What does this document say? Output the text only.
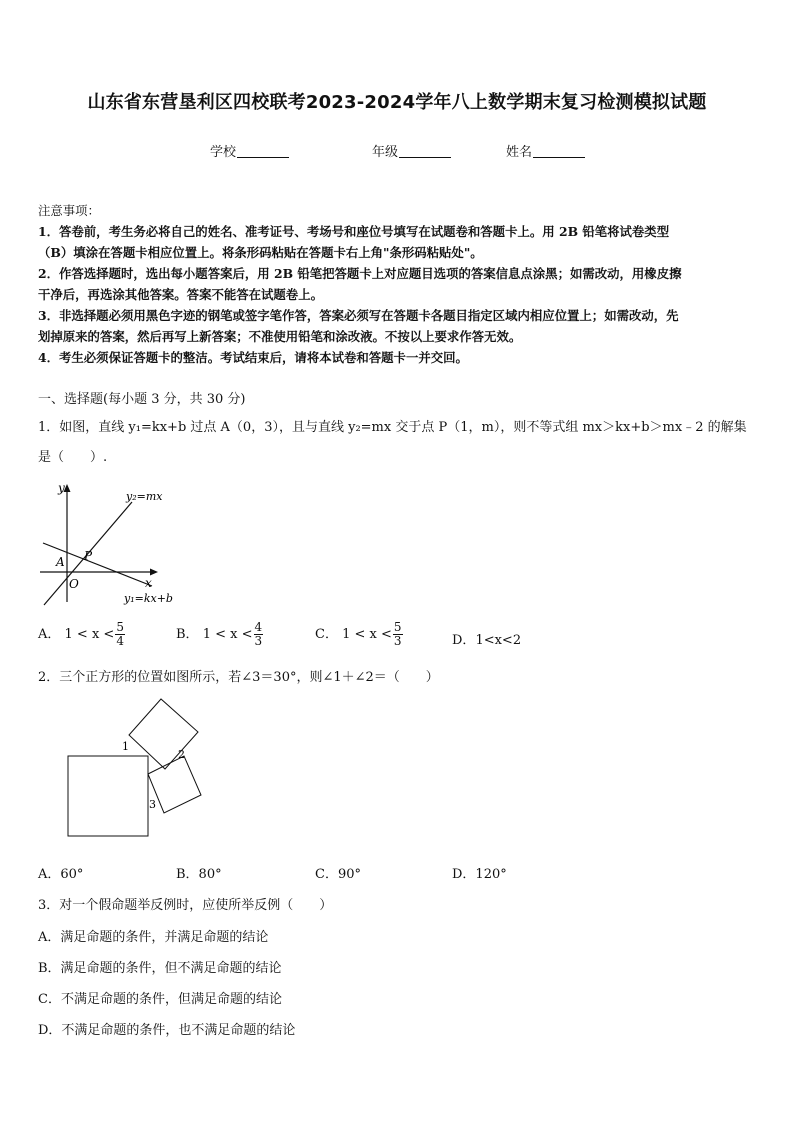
山东省东营垦利区四校联考2023-2024学年八上数学期末复习检测模拟试题
学校	年级	姓名
注意事项：
1．答卷前，考生务必将自己的姓名、准考证号、考场号和座位号填写在试题卷和答题卡上。用 2B 铅笔将试卷类型
（B）填涂在答题卡相应位置上。将条形码粘贴在答题卡右上角"条形码粘贴处"。
2．作答选择题时，选出每小题答案后，用 2B 铅笔把答题卡上对应题目选项的答案信息点涂黑；如需改动，用橡皮擦
干净后，再选涂其他答案。答案不能答在试题卷上。
3．非选择题必须用黑色字迹的钢笔或签字笔作答，答案必须写在答题卡各题目指定区域内相应位置上；如需改动，先
划掉原来的答案，然后再写上新答案；不准使用铅笔和涂改液。不按以上要求作答无效。
4．考生必须保证答题卡的整洁。考试结束后，请将本试卷和答题卡一并交回。
一、选择题(每小题 3 分，共 30 分)
1．如图，直线 y₁=kx+b 过点 A（0，3），且与直线 y₂=mx 交于点 P（1，m），则不等式组 mx＞kx+b＞mx﹣2 的解集
是（　　）.
y
x
O
A P
y₂=mx
y₁=kx+b
A． $1 < x < \frac{5}{4}$	B． $1 < x < \frac{4}{3}$	C． $1 < x < \frac{5}{3}$	D．1<x<2
2．三个正方形的位置如图所示，若∠3＝30°，则∠1＋∠2＝（　　）
1
2
3
A．60°	B．80°	C．90°	D．120°
3．对一个假命题举反例时，应使所举反例（　　）
A．满足命题的条件，并满足命题的结论
B．满足命题的条件，但不满足命题的结论
C．不满足命题的条件，但满足命题的结论
D．不满足命题的条件，也不满足命题的结论
